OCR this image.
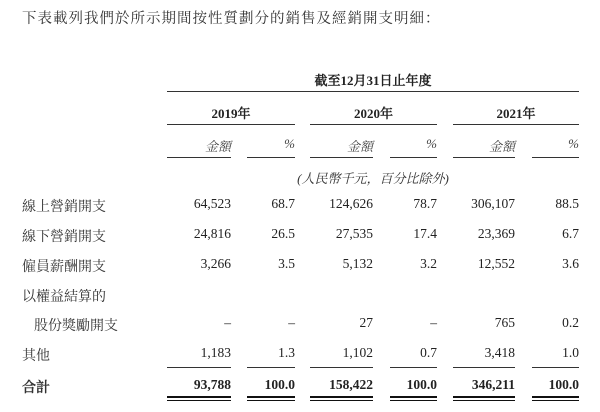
下表載列我們於所示期間按性質劃分的銷售及經銷開支明細：
截至12月31日止年度
(人民幣千元，百分比除外)
2019年	2020年	2021年
金額	%	金額	%	金額	%
線上營銷開支	64,523	68.7	124,626	78.7	306,107	88.5
線下營銷開支	24,816	26.5	27,535	17.4	23,369	6.7
僱員薪酬開支	3,266	3.5	5,132	3.2	12,552	3.6
以權益結算的
股份獎勵開支	–	–	27	–	765	0.2
其他	1,183	1.3	1,102	0.7	3,418	1.0
合計	93,788	100.0	158,422	100.0	346,211	100.0
